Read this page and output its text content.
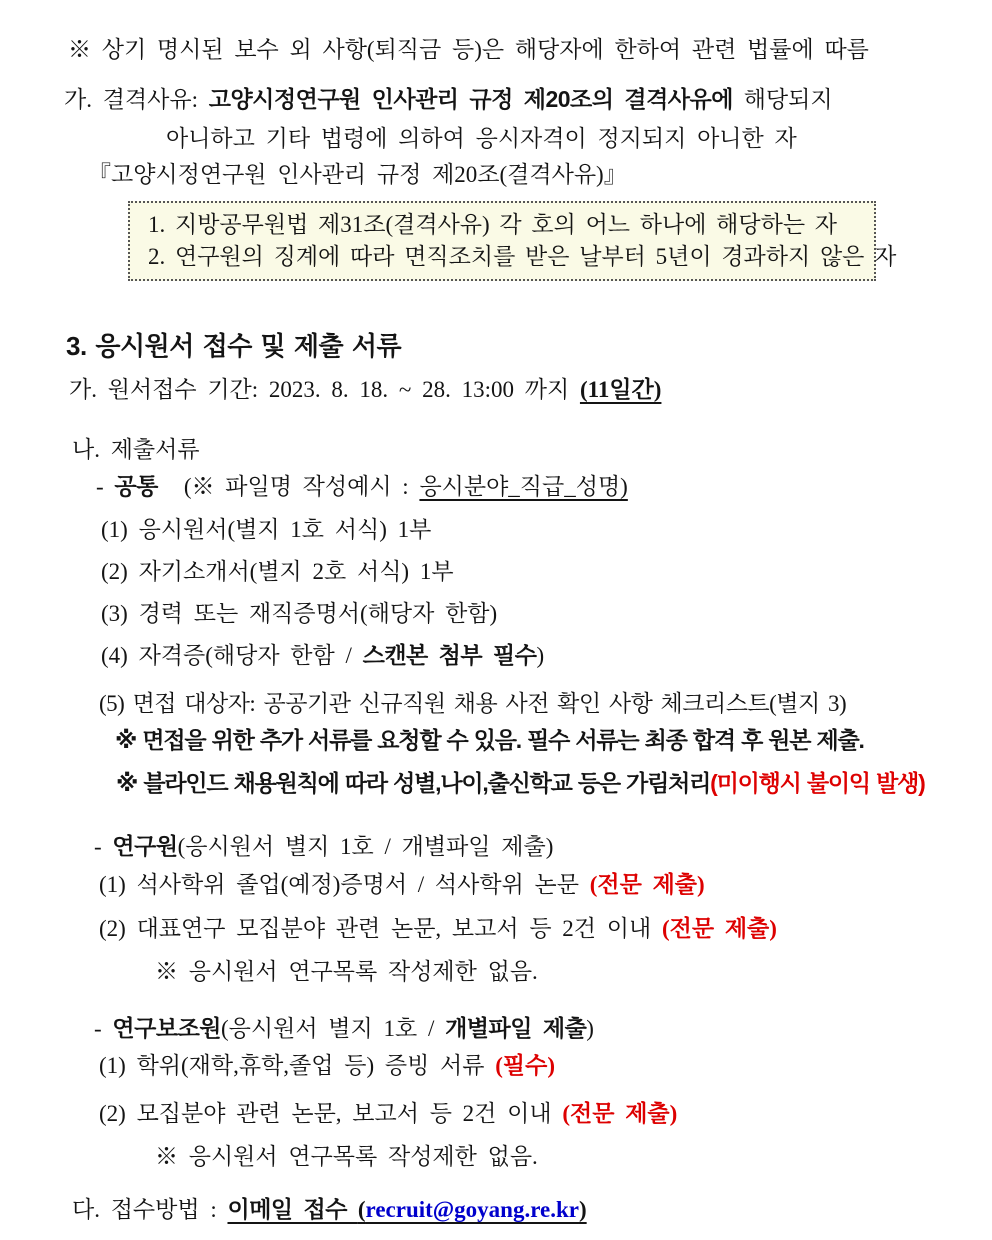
※ 상기 명시된 보수 외 사항(퇴직금 등)은 해당자에 한하여 관련 법률에 따름
가. 결격사유: 고양시정연구원 인사관리 규정 제20조의 결격사유에 해당되지
아니하고 기타 법령에 의하여 응시자격이 정지되지 아니한 자
『고양시정연구원 인사관리 규정 제20조(결격사유)』
1. 지방공무원법 제31조(결격사유) 각 호의 어느 하나에 해당하는 자
2. 연구원의 징계에 따라 면직조치를 받은 날부터 5년이 경과하지 않은 자
3. 응시원서 접수 및 제출 서류
가. 원서접수 기간: 2023. 8. 18. ~ 28. 13:00 까지 (11일간)
나. 제출서류
- 공통 (※ 파일명 작성예시 : 응시분야_직급_성명)
(1) 응시원서(별지 1호 서식) 1부
(2) 자기소개서(별지 2호 서식) 1부
(3) 경력 또는 재직증명서(해당자 한함)
(4) 자격증(해당자 한함 / 스캔본 첨부 필수)
(5) 면접 대상자: 공공기관 신규직원 채용 사전 확인 사항 체크리스트(별지 3)
※ 면접을 위한 추가 서류를 요청할 수 있음. 필수 서류는 최종 합격 후 원본 제출.
※ 블라인드 채용원칙에 따라 성별,나이,출신학교 등은 가림처리(미이행시 불이익 발생)
- 연구원(응시원서 별지 1호 / 개별파일 제출)
(1) 석사학위 졸업(예정)증명서 / 석사학위 논문 (전문 제출)
(2) 대표연구 모집분야 관련 논문, 보고서 등 2건 이내 (전문 제출)
※ 응시원서 연구목록 작성제한 없음.
- 연구보조원(응시원서 별지 1호 / 개별파일 제출)
(1) 학위(재학,휴학,졸업 등) 증빙 서류 (필수)
(2) 모집분야 관련 논문, 보고서 등 2건 이내 (전문 제출)
※ 응시원서 연구목록 작성제한 없음.
다. 접수방법 : 이메일 접수 (recruit@goyang.re.kr)
